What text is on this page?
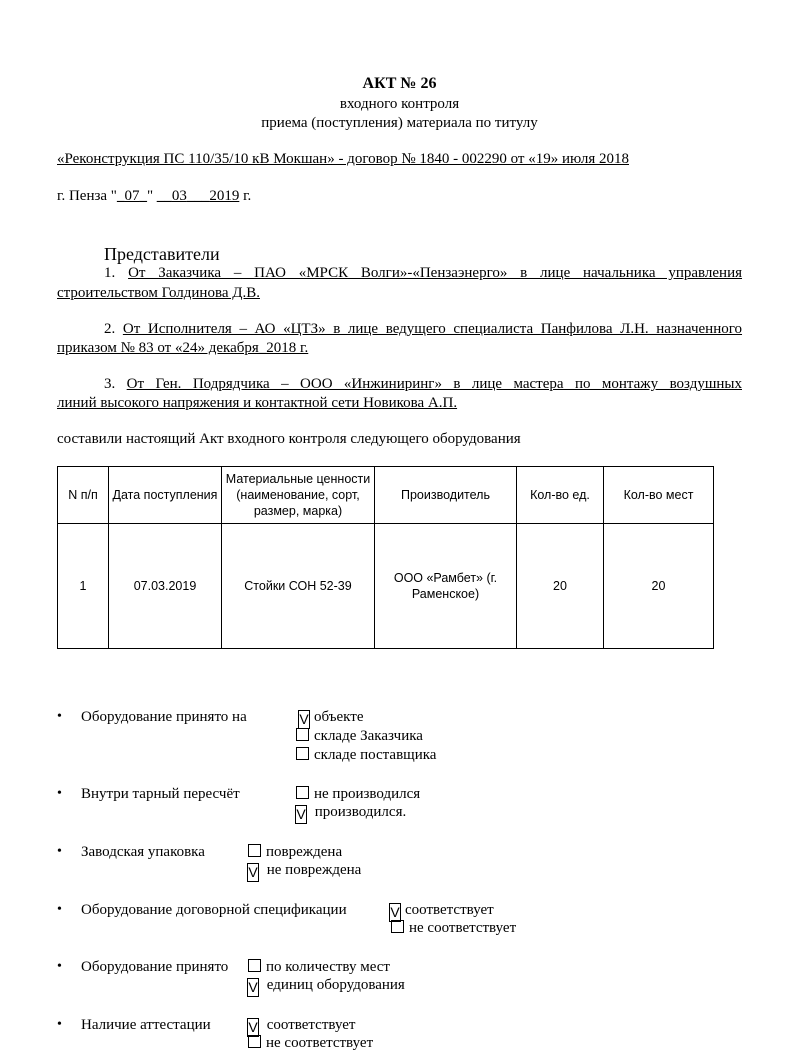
АКТ № 26
входного контроля
приема (поступления) материала по титулу
«Реконструкция ПС 110/35/10 кВ Мокшан» - договор № 1840 - 002290 от «19» июля 2018
г. Пенза "_07_" __03___2019 г.
Представители
1. От Заказчика – ПАО «МРСК Волги»-«Пензаэнерго» в лице начальника управления
строительством Голдинова Д.В.
2. От Исполнителя – АО «ЦТЗ» в лице ведущего специалиста Панфилова Л.Н. назначенного
приказом № 83 от «24» декабря_2018 г.
3. От Ген. Подрядчика – ООО «Инжиниринг» в лице мастера по монтажу воздушных
линий высокого напряжения и контактной сети Новикова А.П.
составили настоящий Акт входного контроля следующего оборудования
N п/п	Дата поступления	Материальные ценности (наименование, сорт, размер, марка)	Производитель	Кол-во ед.	Кол-во мест
1	07.03.2019	Стойки СОН 52-39	ООО «Рамбет» (г. Раменское)	20	20
• Оборудование принято на	V объекте
складе Заказчика
складе поставщика
• Внутри тарный пересчёт	не производился
V производился.
• Заводская упаковка	повреждена
V не повреждена
• Оборудование договорной спецификации	V соответствует
не соответствует
• Оборудование принято	по количеству мест
V единиц оборудования
• Наличие аттестации	V соответствует
не соответствует
